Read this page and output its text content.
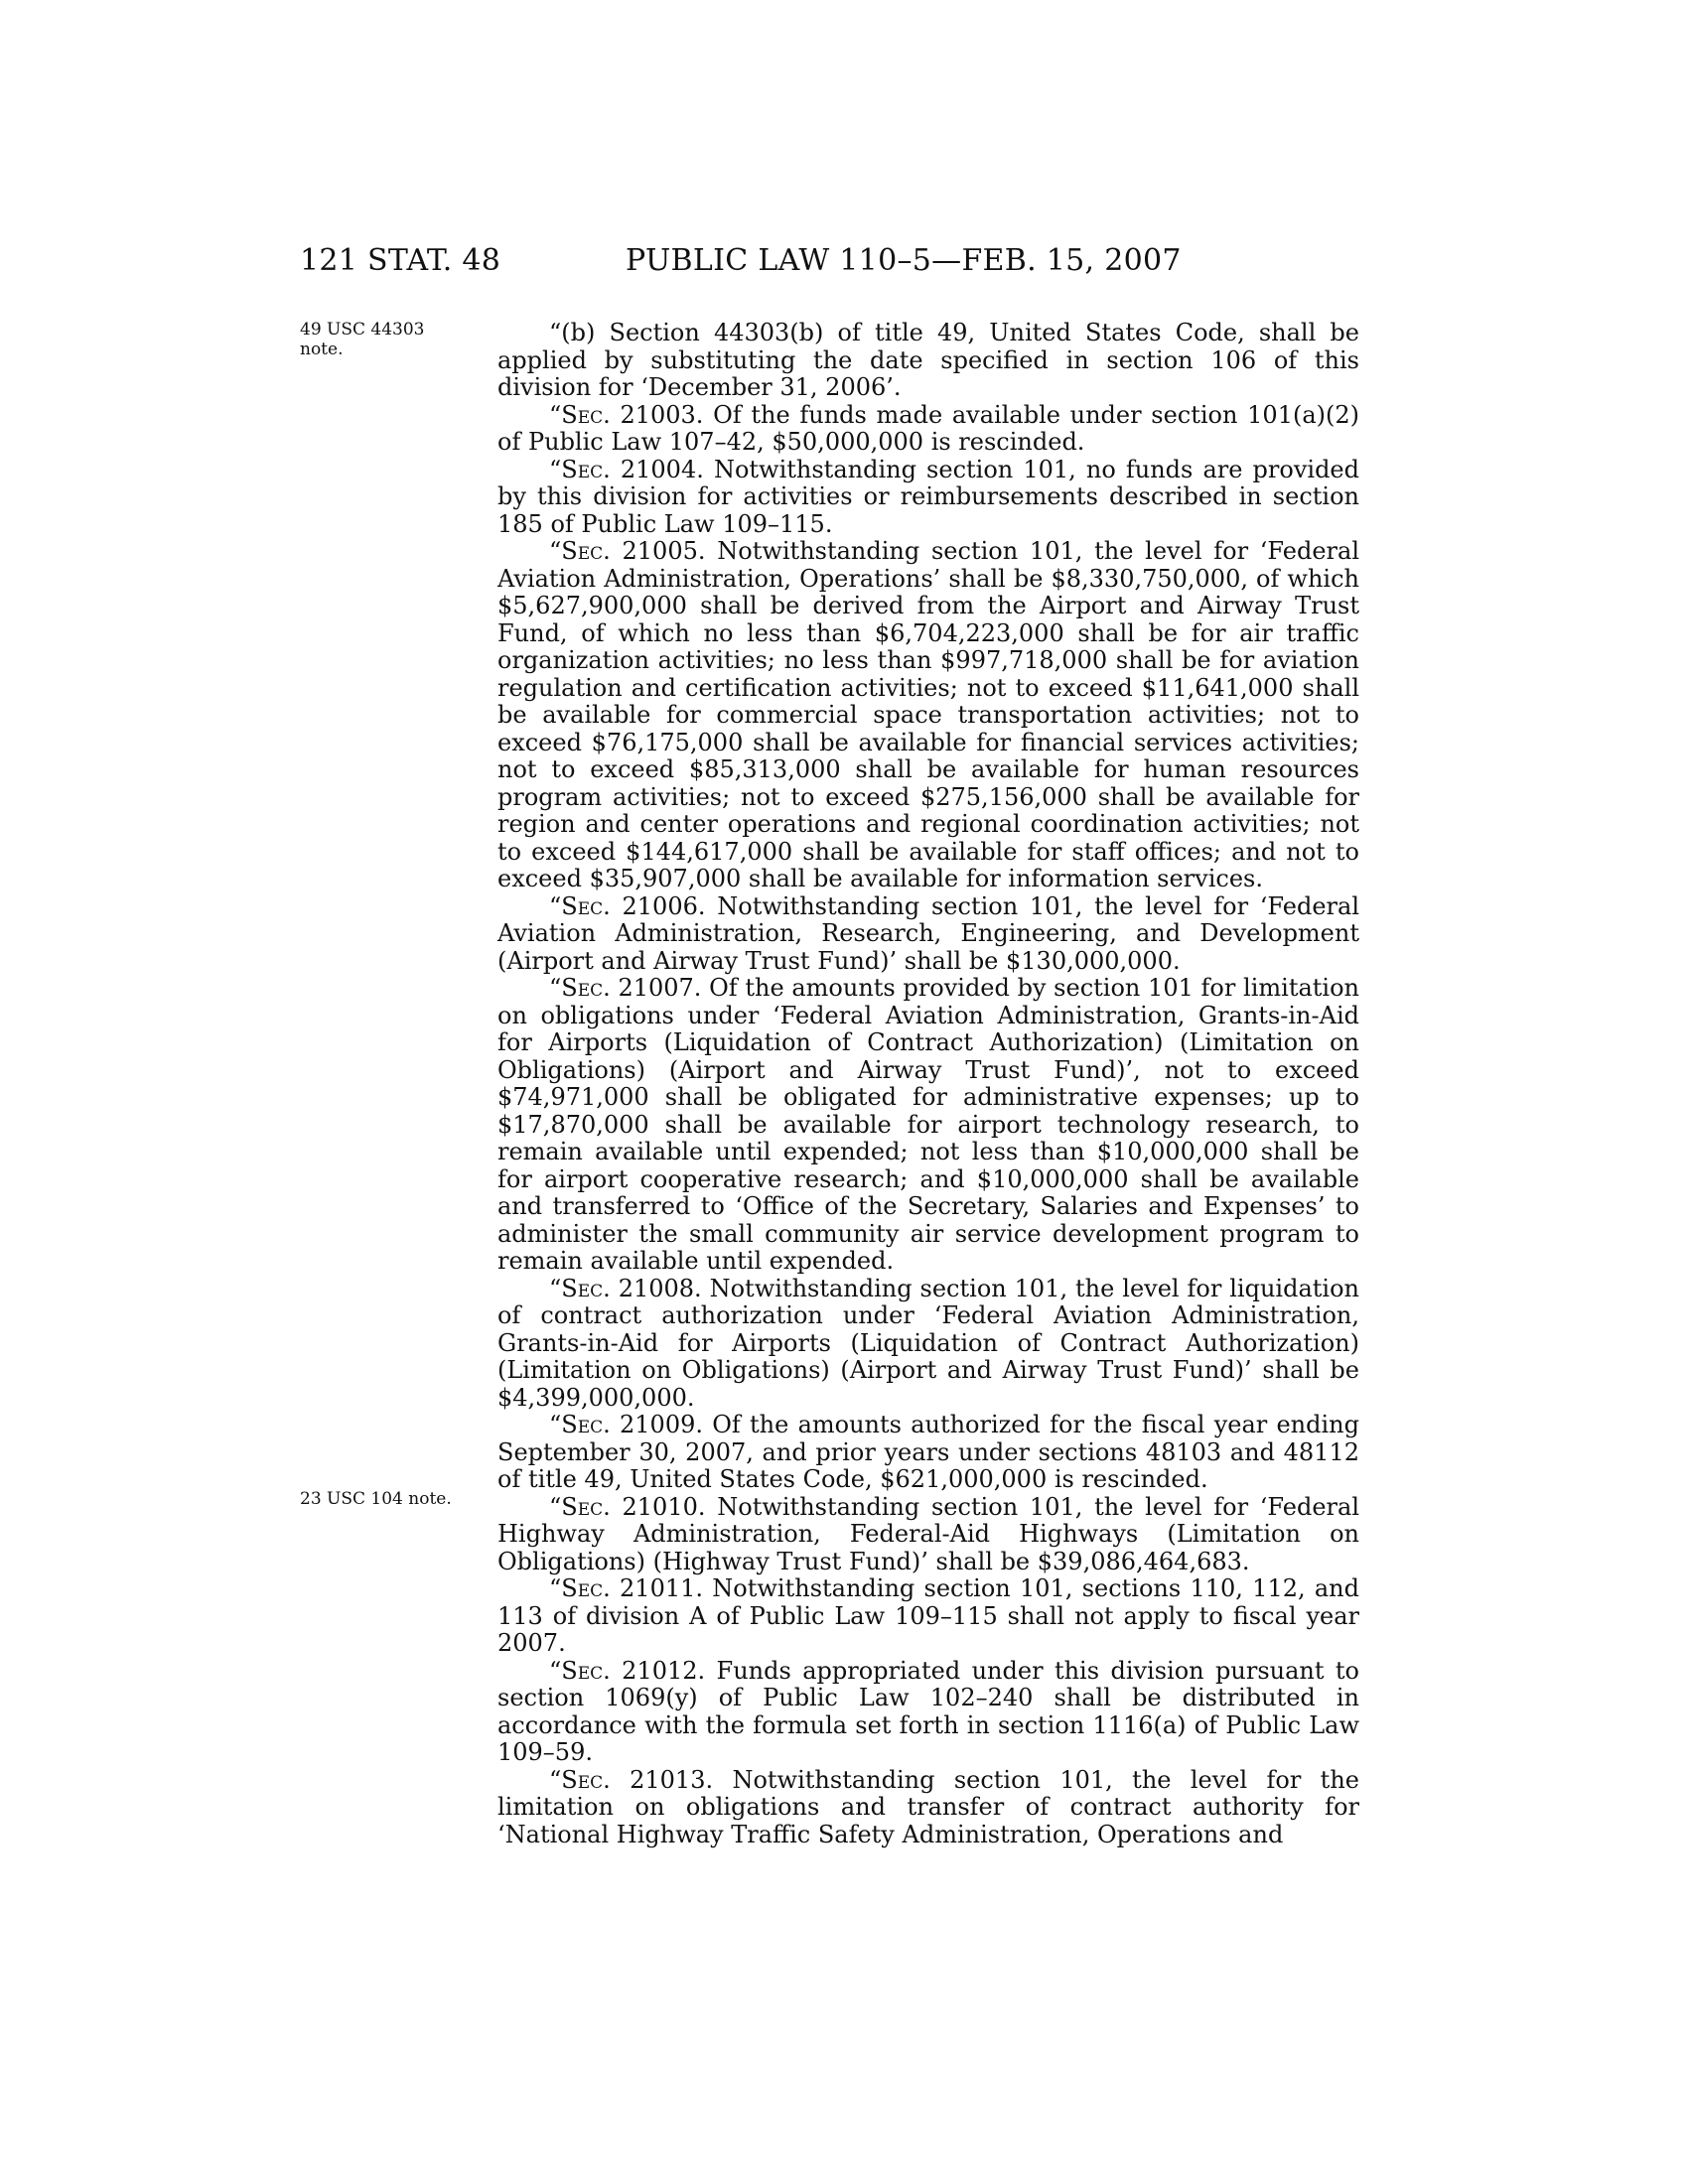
121 STAT. 48	PUBLIC LAW 110–5—FEB. 15, 2007
49 USC 44303
note.
23 USC 104 note.

“(b) Section 44303(b) of title 49, United States Code, shall be applied by substituting the date specified in section 106 of this division for ‘December 31, 2006’.

“Sec. 21003. Of the funds made available under section 101(a)(2) of Public Law 107–42, $50,000,000 is rescinded.

“Sec. 21004. Notwithstanding section 101, no funds are provided by this division for activities or reimbursements described in section 185 of Public Law 109–115.

“Sec. 21005. Notwithstanding section 101, the level for ‘Federal Aviation Administration, Operations’ shall be $8,330,750,000, of which $5,627,900,000 shall be derived from the Airport and Airway Trust Fund, of which no less than $6,704,223,000 shall be for air traffic organization activities; no less than $997,718,000 shall be for aviation regulation and certification activities; not to exceed $11,641,000 shall be available for commercial space transportation activities; not to exceed $76,175,000 shall be available for financial services activities; not to exceed $85,313,000 shall be available for human resources program activities; not to exceed $275,156,000 shall be available for region and center operations and regional coordination activities; not to exceed $144,617,000 shall be available for staff offices; and not to exceed $35,907,000 shall be available for information services.

“Sec. 21006. Notwithstanding section 101, the level for ‘Federal Aviation Administration, Research, Engineering, and Development (Airport and Airway Trust Fund)’ shall be $130,000,000.

“Sec. 21007. Of the amounts provided by section 101 for limitation on obligations under ‘Federal Aviation Administration, Grants-in-Aid for Airports (Liquidation of Contract Authorization) (Limitation on Obligations) (Airport and Airway Trust Fund)’, not to exceed $74,971,000 shall be obligated for administrative expenses; up to $17,870,000 shall be available for airport technology research, to remain available until expended; not less than $10,000,000 shall be for airport cooperative research; and $10,000,000 shall be available and transferred to ‘Office of the Secretary, Salaries and Expenses’ to administer the small community air service development program to remain available until expended.

“Sec. 21008. Notwithstanding section 101, the level for liquidation of contract authorization under ‘Federal Aviation Administration, Grants-in-Aid for Airports (Liquidation of Contract Authorization) (Limitation on Obligations) (Airport and Airway Trust Fund)’ shall be $4,399,000,000.

“Sec. 21009. Of the amounts authorized for the fiscal year ending September 30, 2007, and prior years under sections 48103 and 48112 of title 49, United States Code, $621,000,000 is rescinded.

“Sec. 21010. Notwithstanding section 101, the level for ‘Federal Highway Administration, Federal-Aid Highways (Limitation on Obligations) (Highway Trust Fund)’ shall be $39,086,464,683.

“Sec. 21011. Notwithstanding section 101, sections 110, 112, and 113 of division A of Public Law 109–115 shall not apply to fiscal year 2007.

“Sec. 21012. Funds appropriated under this division pursuant to section 1069(y) of Public Law 102–240 shall be distributed in accordance with the formula set forth in section 1116(a) of Public Law 109–59.

“Sec. 21013. Notwithstanding section 101, the level for the limitation on obligations and transfer of contract authority for ‘National Highway Traffic Safety Administration, Operations and
